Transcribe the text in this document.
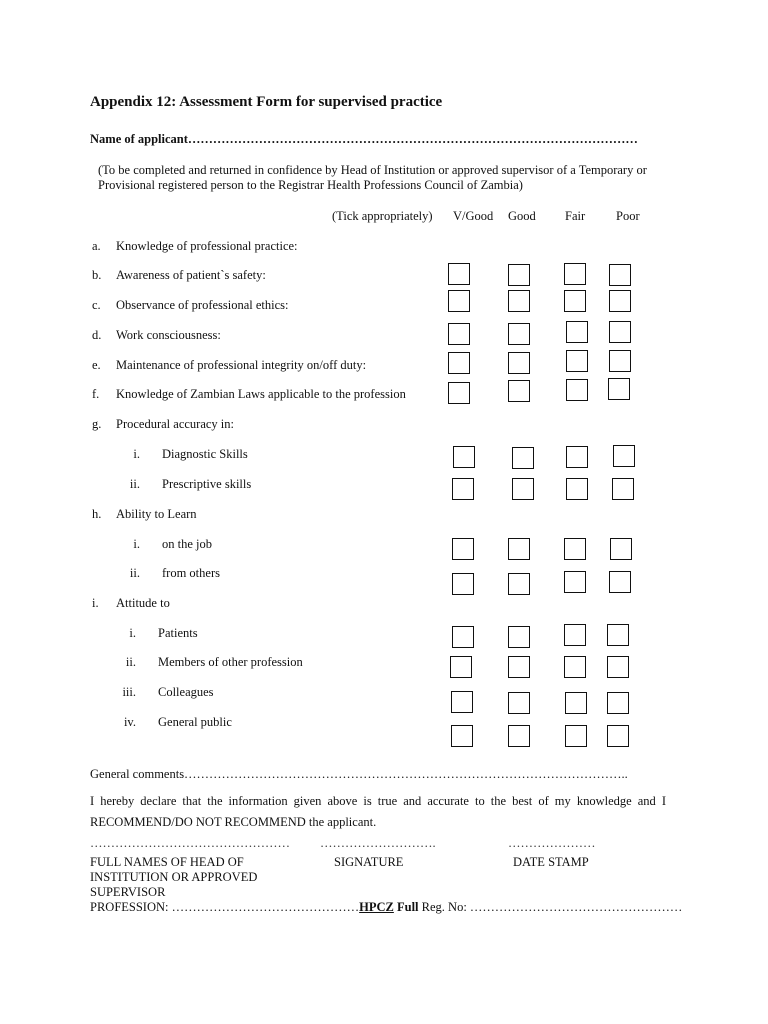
Appendix 12: Assessment Form for supervised practice
Name of applicant………………………………………………………………………………………………
(To be completed and returned in confidence by Head of Institution or approved supervisor of a Temporary or Provisional registered person to the Registrar Health Professions Council of Zambia)
(Tick appropriately) V/Good Good Fair Poor
a. Knowledge of professional practice:
b. Awareness of patient`s safety:
c. Observance of professional ethics:
d. Work consciousness:
e. Maintenance of professional integrity on/off duty:
f. Knowledge of Zambian Laws applicable to the profession
g. Procedural accuracy in:
i. Diagnostic Skills
ii. Prescriptive skills
h. Ability to Learn
i. on the job
ii. from others
i. Attitude to
i. Patients
ii. Members of other profession
iii. Colleagues
iv. General public
General comments……………………………………………………………………………………………..
I hereby declare that the information given above is true and accurate to the best of my knowledge and I RECOMMEND/DO NOT RECOMMEND the applicant.
………………………………………… ……………………….	…………………
FULL NAMES OF HEAD OF INSTITUTION OR APPROVED SUPERVISOR
SIGNATURE	DATE STAMP
PROFESSION: ………………………………………HPCZ Full Reg. No: ……………………………………………
